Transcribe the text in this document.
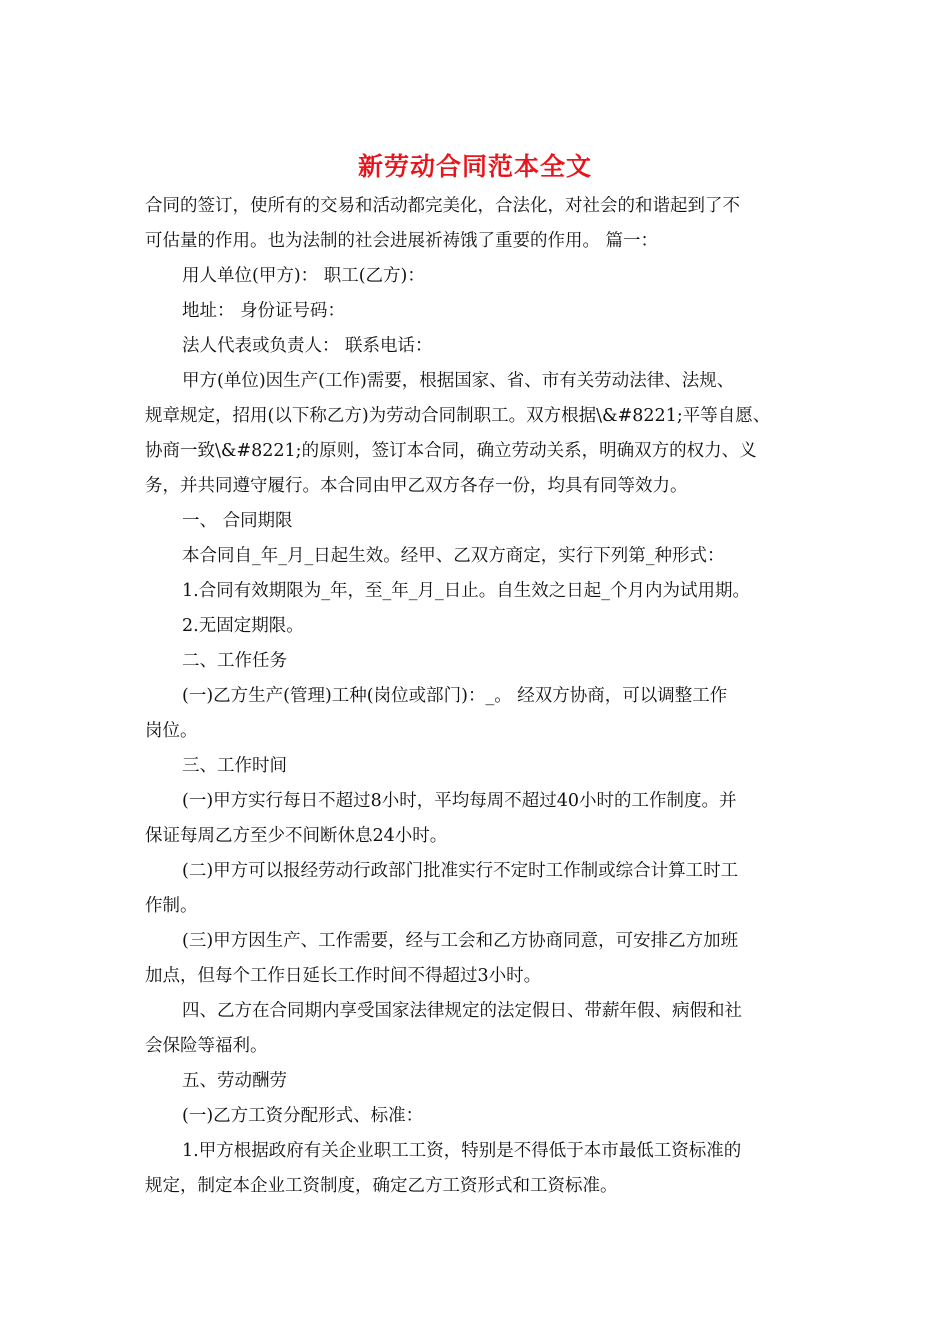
新劳动合同范本全文

合同的签订，使所有的交易和活动都完美化，合法化，对社会的和谐起到了不

可估量的作用。也为法制的社会进展祈祷饿了重要的作用。 篇一：

用人单位(甲方)： 职工(乙方)：

地址： 身份证号码：

法人代表或负责人： 联系电话：

甲方(单位)因生产(工作)需要，根据国家、省、市有关劳动法律、法规、

规章规定，招用(以下称乙方)为劳动合同制职工。双方根据\&#8221;平等自愿、

协商一致\&#8221;的原则，签订本合同，确立劳动关系，明确双方的权力、义

务，并共同遵守履行。本合同由甲乙双方各存一份，均具有同等效力。

一、 合同期限

本合同自_年_月_日起生效。经甲、乙双方商定，实行下列第_种形式：

1.合同有效期限为_年，至_年_月_日止。自生效之日起_个月内为试用期。

2.无固定期限。

二、工作任务

(一)乙方生产(管理)工种(岗位或部门)：_。 经双方协商，可以调整工作

岗位。

三、工作时间

(一)甲方实行每日不超过8小时，平均每周不超过40小时的工作制度。并

保证每周乙方至少不间断休息24小时。

(二)甲方可以报经劳动行政部门批准实行不定时工作制或综合计算工时工

作制。

(三)甲方因生产、工作需要，经与工会和乙方协商同意，可安排乙方加班

加点，但每个工作日延长工作时间不得超过3小时。

四、乙方在合同期内享受国家法律规定的法定假日、带薪年假、病假和社

会保险等福利。

五、劳动酬劳

(一)乙方工资分配形式、标准：

1.甲方根据政府有关企业职工工资，特别是不得低于本市最低工资标准的

规定，制定本企业工资制度，确定乙方工资形式和工资标准。
